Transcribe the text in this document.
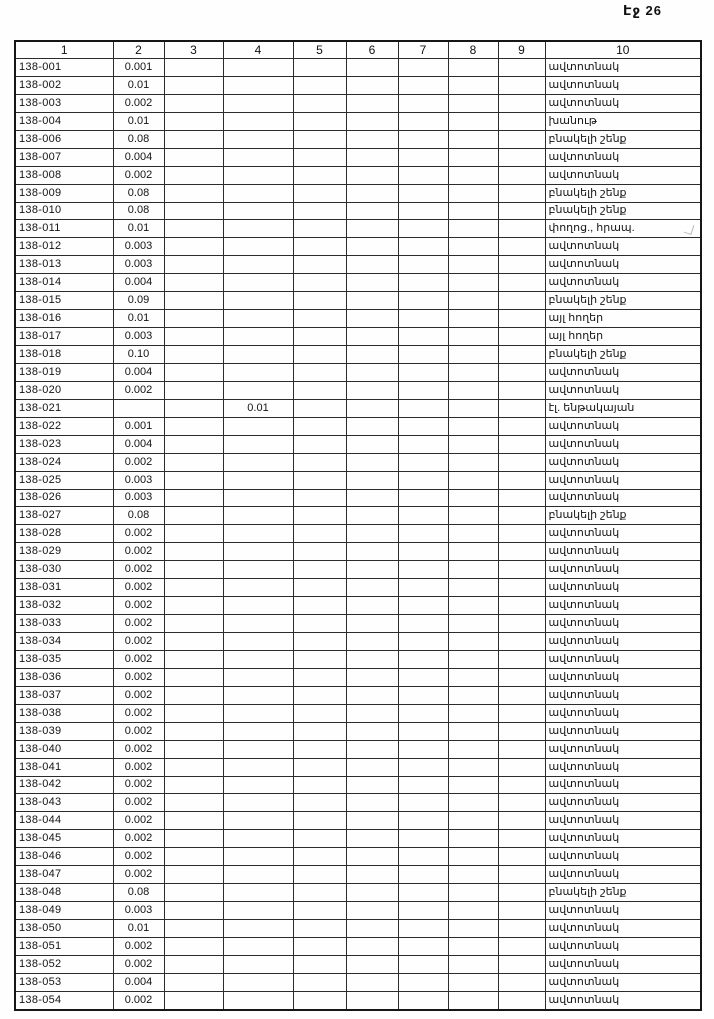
Էջ 26
1	2	3	4	5	6	7	8	9	10
138-001	0.001								ավտոտնակ
138-002	0.01								ավտոտնակ
138-003	0.002								ավտոտնակ
138-004	0.01								խանութ
138-006	0.08								բնակելի շենք
138-007	0.004								ավտոտնակ
138-008	0.002								ավտոտնակ
138-009	0.08								բնակելի շենք
138-010	0.08								բնակելի շենք
138-011	0.01								փողոց., հրապ.
138-012	0.003								ավտոտնակ
138-013	0.003								ավտոտնակ
138-014	0.004								ավտոտնակ
138-015	0.09								բնակելի շենք
138-016	0.01								այլ հողեր
138-017	0.003								այլ հողեր
138-018	0.10								բնակելի շենք
138-019	0.004								ավտոտնակ
138-020	0.002								ավտոտնակ
138-021			0.01						էլ. ենթակայան
138-022	0.001								ավտոտնակ
138-023	0.004								ավտոտնակ
138-024	0.002								ավտոտնակ
138-025	0.003								ավտոտնակ
138-026	0.003								ավտոտնակ
138-027	0.08								բնակելի շենք
138-028	0.002								ավտոտնակ
138-029	0.002								ավտոտնակ
138-030	0.002								ավտոտնակ
138-031	0.002								ավտոտնակ
138-032	0.002								ավտոտնակ
138-033	0.002								ավտոտնակ
138-034	0.002								ավտոտնակ
138-035	0.002								ավտոտնակ
138-036	0.002								ավտոտնակ
138-037	0.002								ավտոտնակ
138-038	0.002								ավտոտնակ
138-039	0.002								ավտոտնակ
138-040	0.002								ավտոտնակ
138-041	0.002								ավտոտնակ
138-042	0.002								ավտոտնակ
138-043	0.002								ավտոտնակ
138-044	0.002								ավտոտնակ
138-045	0.002								ավտոտնակ
138-046	0.002								ավտոտնակ
138-047	0.002								ավտոտնակ
138-048	0.08								բնակելի շենք
138-049	0.003								ավտոտնակ
138-050	0.01								ավտոտնակ
138-051	0.002								ավտոտնակ
138-052	0.002								ավտոտնակ
138-053	0.004								ավտոտնակ
138-054	0.002								ավտոտնակ
